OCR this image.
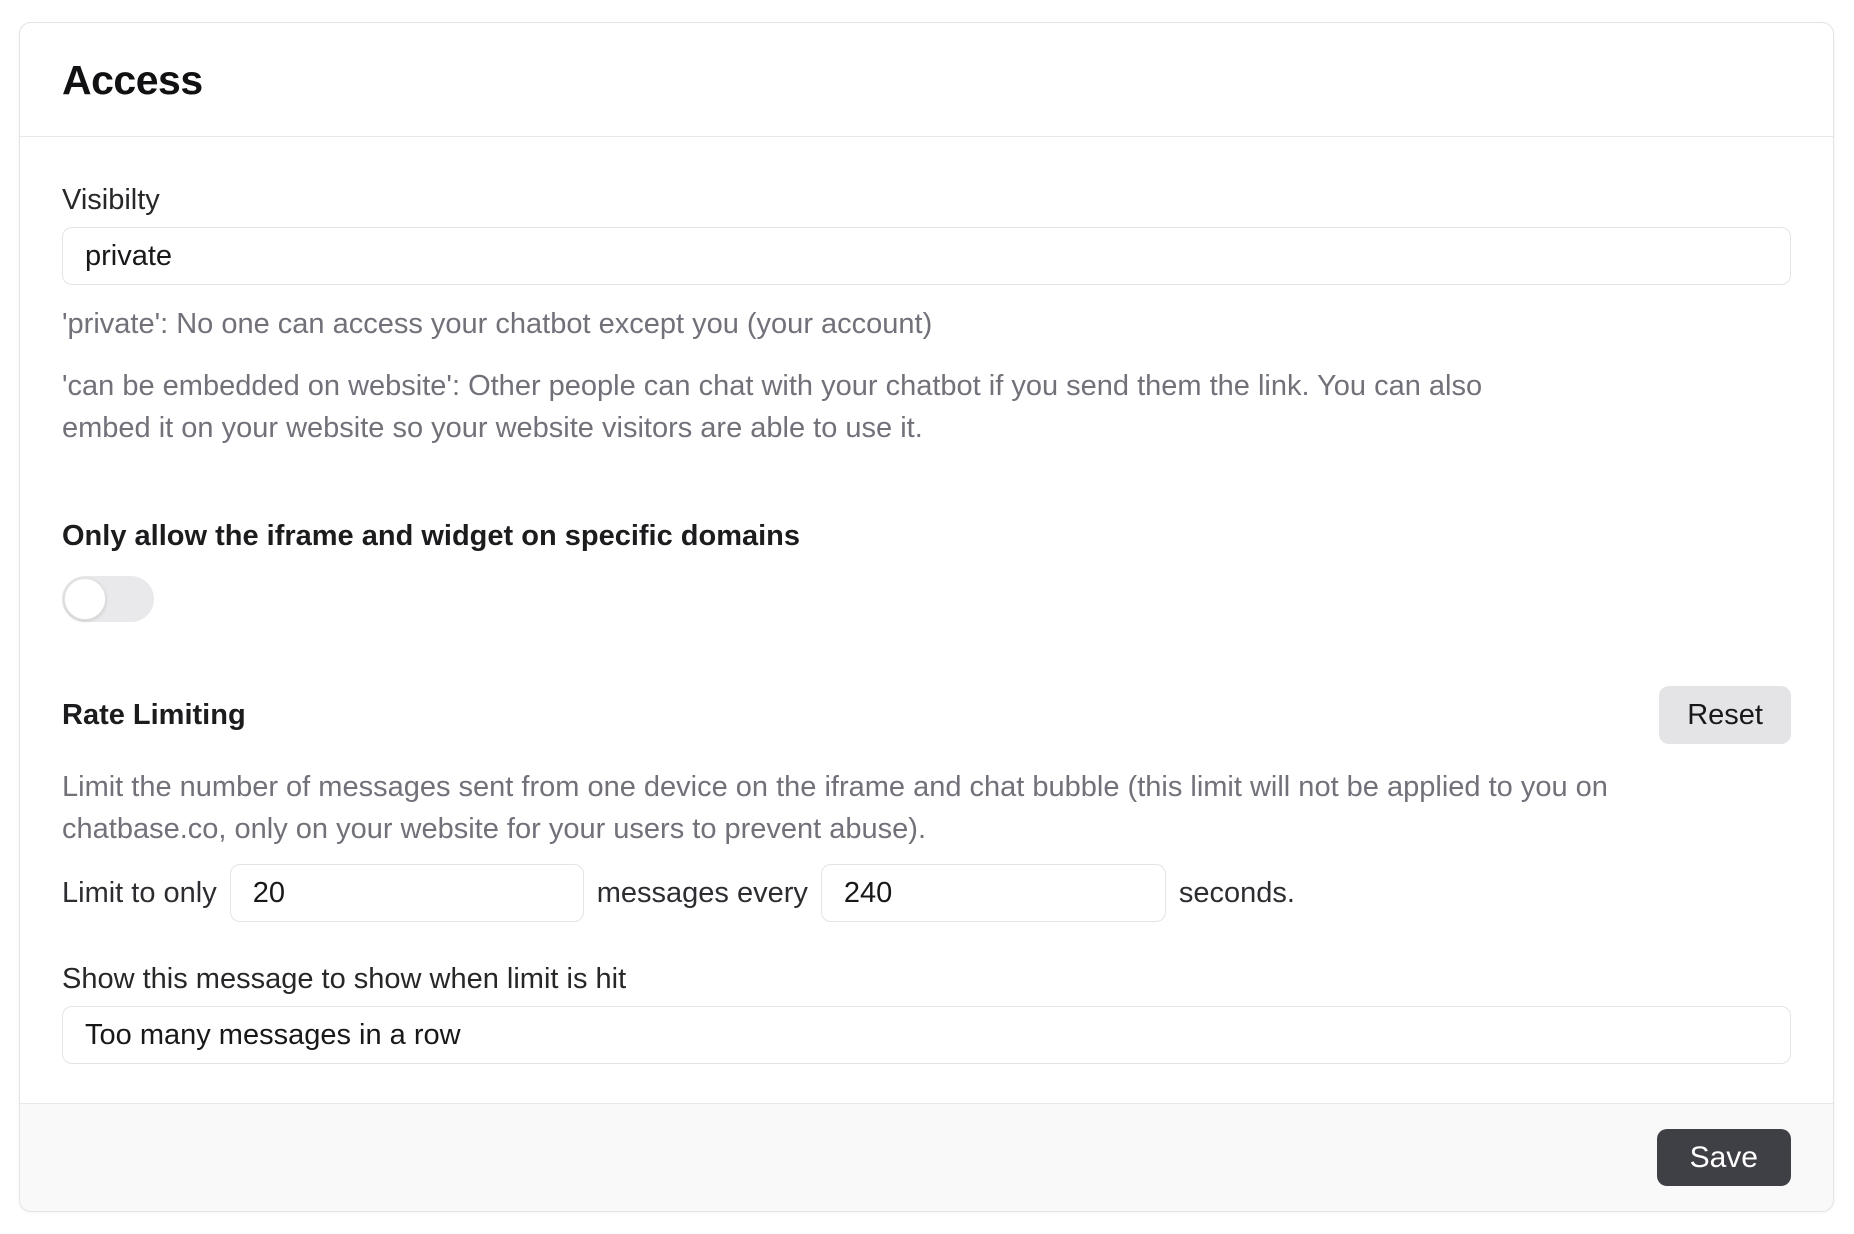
Access
Visibilty
private

'private': No one can access your chatbot except you (your account)

'can be embedded on website': Other people can chat with your chatbot if you send them the link. You can also embed it on your website so your website visitors are able to use it.

Only allow the iframe and widget on specific domains
Rate Limiting	Reset

Limit the number of messages sent from one device on the iframe and chat bubble (this limit will not be applied to you on chatbase.co, only on your website for your users to prevent abuse).

Limit to only
20	messages every
240	seconds.
Show this message to show when limit is hit
Too many messages in a row
Save
